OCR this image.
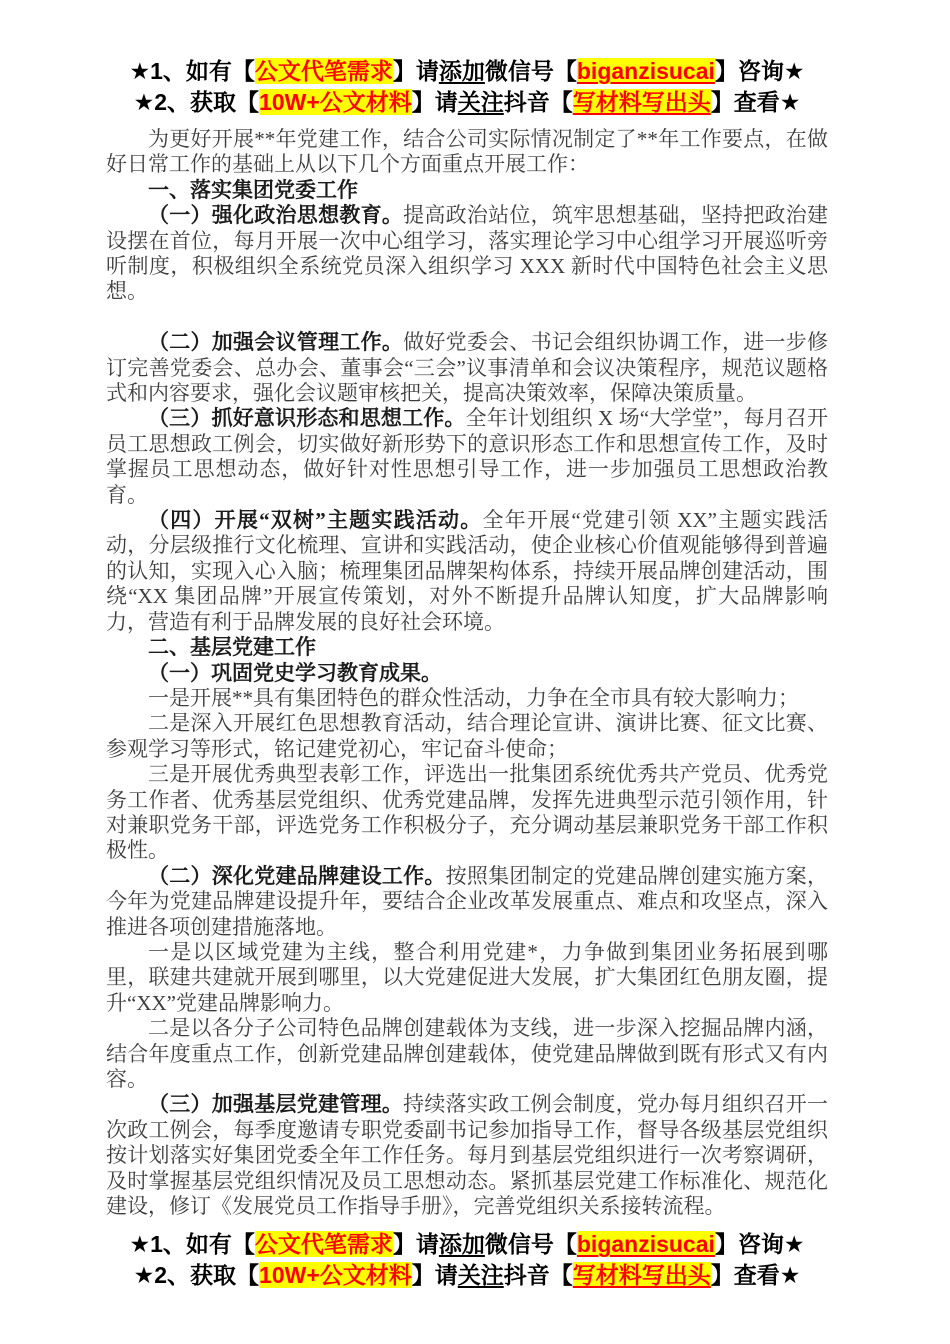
★1、如有【公文代笔需求】请添加微信号【biganzisucai】咨询★

★2、获取【10W+公文材料】请关注抖音【写材料写出头】查看★

为更好开展**年党建工作，结合公司实际情况制定了**年工作要点，在做好日常工作的基础上从以下几个方面重点开展工作：

一、落实集团党委工作

（一）强化政治思想教育。提高政治站位，筑牢思想基础，坚持把政治建设摆在首位，每月开展一次中心组学习，落实理论学习中心组学习开展巡听旁听制度，积极组织全系统党员深入组织学习 XXX 新时代中国特色社会主义思想。

（二）加强会议管理工作。做好党委会、书记会组织协调工作，进一步修订完善党委会、总办会、董事会“三会”议事清单和会议决策程序，规范议题格式和内容要求，强化会议题审核把关，提高决策效率，保障决策质量。

（三）抓好意识形态和思想工作。全年计划组织 X 场“大学堂”，每月召开员工思想政工例会，切实做好新形势下的意识形态工作和思想宣传工作，及时掌握员工思想动态，做好针对性思想引导工作，进一步加强员工思想政治教育。

（四）开展“双树”主题实践活动。全年开展“党建引领 XX”主题实践活动，分层级推行文化梳理、宣讲和实践活动，使企业核心价值观能够得到普遍的认知，实现入心入脑；梳理集团品牌架构体系，持续开展品牌创建活动，围绕“XX 集团品牌”开展宣传策划，对外不断提升品牌认知度，扩大品牌影响力，营造有利于品牌发展的良好社会环境。

二、基层党建工作

（一）巩固党史学习教育成果。

一是开展**具有集团特色的群众性活动，力争在全市具有较大影响力；

二是深入开展红色思想教育活动，结合理论宣讲、演讲比赛、征文比赛、参观学习等形式，铭记建党初心，牢记奋斗使命；

三是开展优秀典型表彰工作，评选出一批集团系统优秀共产党员、优秀党务工作者、优秀基层党组织、优秀党建品牌，发挥先进典型示范引领作用，针对兼职党务干部，评选党务工作积极分子，充分调动基层兼职党务干部工作积极性。

（二）深化党建品牌建设工作。按照集团制定的党建品牌创建实施方案，今年为党建品牌建设提升年，要结合企业改革发展重点、难点和攻坚点，深入推进各项创建措施落地。

一是以区域党建为主线，整合利用党建*，力争做到集团业务拓展到哪里，联建共建就开展到哪里，以大党建促进大发展，扩大集团红色朋友圈，提升“XX”党建品牌影响力。

二是以各分子公司特色品牌创建载体为支线，进一步深入挖掘品牌内涵，结合年度重点工作，创新党建品牌创建载体，使党建品牌做到既有形式又有内容。

（三）加强基层党建管理。持续落实政工例会制度，党办每月组织召开一次政工例会，每季度邀请专职党委副书记参加指导工作，督导各级基层党组织按计划落实好集团党委全年工作任务。每月到基层党组织进行一次考察调研，及时掌握基层党组织情况及员工思想动态。紧抓基层党建工作标准化、规范化建设，修订《发展党员工作指导手册》，完善党组织关系接转流程。

★1、如有【公文代笔需求】请添加微信号【biganzisucai】咨询★

★2、获取【10W+公文材料】请关注抖音【写材料写出头】查看★
